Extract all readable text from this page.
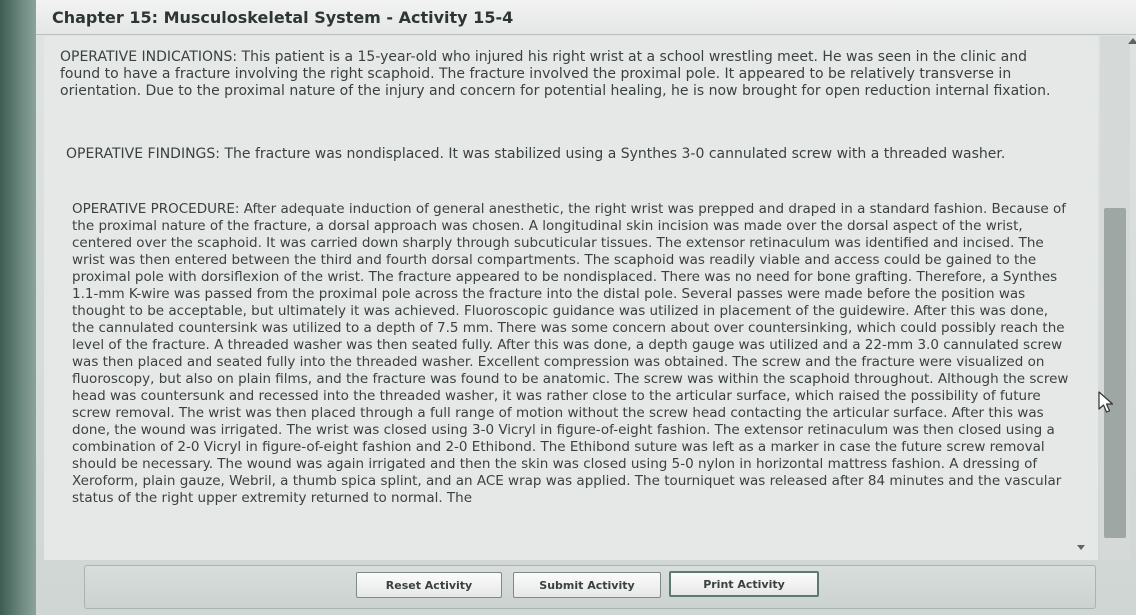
Chapter 15: Musculoskeletal System - Activity 15-4

OPERATIVE INDICATIONS: This patient is a 15-year-old who injured his right wrist at a school wrestling meet. He was seen in the clinic and found to have a fracture involving the right scaphoid. The fracture involved the proximal pole. It appeared to be relatively transverse in orientation. Due to the proximal nature of the injury and concern for potential healing, he is now brought for open reduction internal fixation.

OPERATIVE FINDINGS: The fracture was nondisplaced. It was stabilized using a Synthes 3-0 cannulated screw with a threaded washer.

OPERATIVE PROCEDURE: After adequate induction of general anesthetic, the right wrist was prepped and draped in a standard fashion. Because of the proximal nature of the fracture, a dorsal approach was chosen. A longitudinal skin incision was made over the dorsal aspect of the wrist, centered over the scaphoid. It was carried down sharply through subcuticular tissues. The extensor retinaculum was identified and incised. The wrist was then entered between the third and fourth dorsal compartments. The scaphoid was readily viable and access could be gained to the proximal pole with dorsiflexion of the wrist. The fracture appeared to be nondisplaced. There was no need for bone grafting. Therefore, a Synthes 1.1-mm K-wire was passed from the proximal pole across the fracture into the distal pole. Several passes were made before the position was thought to be acceptable, but ultimately it was achieved. Fluoroscopic guidance was utilized in placement of the guidewire. After this was done, the cannulated countersink was utilized to a depth of 7.5 mm. There was some concern about over countersinking, which could possibly reach the level of the fracture. A threaded washer was then seated fully. After this was done, a depth gauge was utilized and a 22-mm 3.0 cannulated screw was then placed and seated fully into the threaded washer. Excellent compression was obtained. The screw and the fracture were visualized on fluoroscopy, but also on plain films, and the fracture was found to be anatomic. The screw was within the scaphoid throughout. Although the screw head was countersunk and recessed into the threaded washer, it was rather close to the articular surface, which raised the possibility of future screw removal. The wrist was then placed through a full range of motion without the screw head contacting the articular surface. After this was done, the wound was irrigated. The wrist was closed using 3-0 Vicryl in figure-of-eight fashion. The extensor retinaculum was then closed using a combination of 2-0 Vicryl in figure-of-eight fashion and 2-0 Ethibond. The Ethibond suture was left as a marker in case the future screw removal should be necessary. The wound was again irrigated and then the skin was closed using 5-0 nylon in horizontal mattress fashion. A dressing of Xeroform, plain gauze, Webril, a thumb spica splint, and an ACE wrap was applied. The tourniquet was released after 84 minutes and the vascular status of the right upper extremity returned to normal. The

Reset Activity	Submit Activity	Print Activity
